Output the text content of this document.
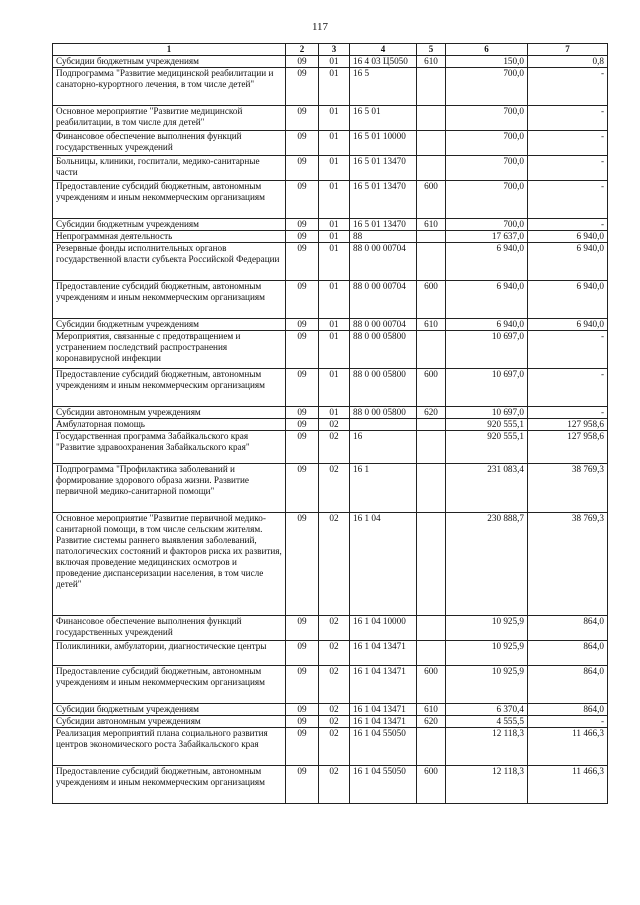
117
1	2	3	4	5	6	7
Субсидии бюджетным учреждениям	09	01	16 4 03 Ц5050	610	150,0	0,8
Подпрограмма "Развитие медицинской реабилитации и санаторно-курортного лечения, в том числе детей"	09	01	16 5		700,0	-
Основное мероприятие "Развитие медицинской реабилитации, в том числе для детей"	09	01	16 5 01		700,0	-
Финансовое обеспечение выполнения функций государственных учреждений	09	01	16 5 01 10000		700,0	-
Больницы, клиники, госпитали, медико-санитарные части	09	01	16 5 01 13470		700,0	-
Предоставление субсидий бюджетным, автономным учреждениям и иным некоммерческим организациям	09	01	16 5 01 13470	600	700,0	-
Субсидии бюджетным учреждениям	09	01	16 5 01 13470	610	700,0	-
Непрограммная деятельность	09	01	88		17 637,0	6 940,0
Резервные фонды исполнительных органов государственной власти субъекта Российской Федерации	09	01	88 0 00 00704		6 940,0	6 940,0
Предоставление субсидий бюджетным, автономным учреждениям и иным некоммерческим организациям	09	01	88 0 00 00704	600	6 940,0	6 940,0
Субсидии бюджетным учреждениям	09	01	88 0 00 00704	610	6 940,0	6 940,0
Мероприятия, связанные с предотвращением и устранением последствий распространения коронавирусной инфекции	09	01	88 0 00 05800		10 697,0	-
Предоставление субсидий бюджетным, автономным учреждениям и иным некоммерческим организациям	09	01	88 0 00 05800	600	10 697,0	-
Субсидии автономным учреждениям	09	01	88 0 00 05800	620	10 697,0	-
Амбулаторная помощь	09	02			920 555,1	127 958,6
Государственная программа Забайкальского края "Развитие здравоохранения Забайкальского края"	09	02	16		920 555,1	127 958,6
Подпрограмма "Профилактика заболеваний и формирование здорового образа жизни. Развитие первичной медико-санитарной помощи"	09	02	16 1		231 083,4	38 769,3
Основное мероприятие "Развитие первичной медико-санитарной помощи, в том числе сельским жителям. Развитие системы раннего выявления заболеваний, патологических состояний и факторов риска их развития, включая проведение медицинских осмотров и проведение диспансеризации населения, в том числе детей"	09	02	16 1 04		230 888,7	38 769,3
Финансовое обеспечение выполнения функций государственных учреждений	09	02	16 1 04 10000		10 925,9	864,0
Поликлиники, амбулатории, диагностические центры	09	02	16 1 04 13471		10 925,9	864,0
Предоставление субсидий бюджетным, автономным учреждениям и иным некоммерческим организациям	09	02	16 1 04 13471	600	10 925,9	864,0
Субсидии бюджетным учреждениям	09	02	16 1 04 13471	610	6 370,4	864,0
Субсидии автономным учреждениям	09	02	16 1 04 13471	620	4 555,5	-
Реализация мероприятий плана социального развития центров экономического роста Забайкальского края	09	02	16 1 04 55050		12 118,3	11 466,3
Предоставление субсидий бюджетным, автономным учреждениям и иным некоммерческим организациям	09	02	16 1 04 55050	600	12 118,3	11 466,3
